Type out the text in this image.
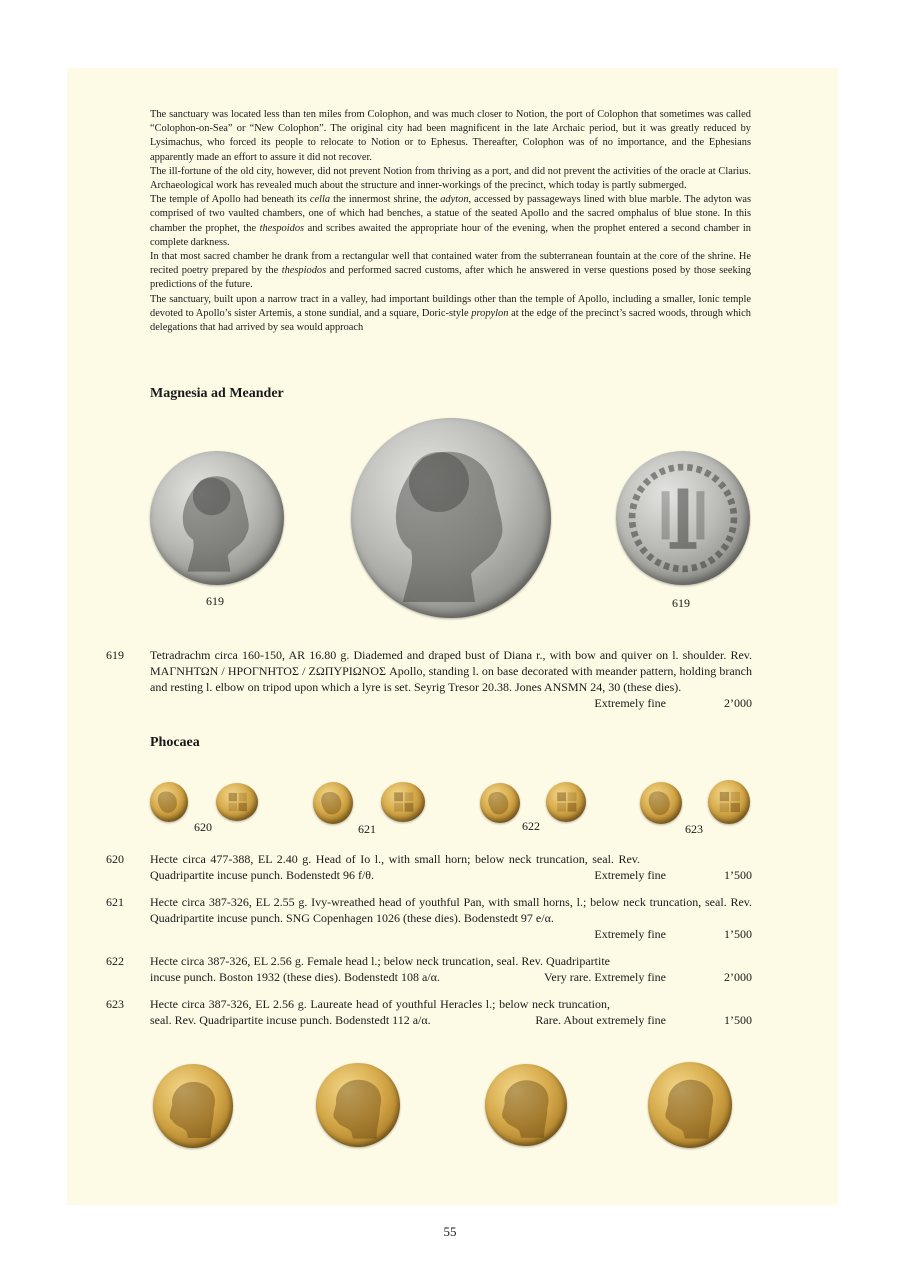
The sanctuary was located less than ten miles from Colophon, and was much closer to Notion, the port of Colophon that sometimes was called “Colophon-on-Sea” or “New Colophon”. The original city had been magnificent in the late Archaic period, but it was greatly reduced by Lysimachus, who forced its people to relocate to Notion or to Ephesus. Thereafter, Colophon was of no importance, and the Ephesians apparently made an effort to assure it did not recover.

The ill-fortune of the old city, however, did not prevent Notion from thriving as a port, and did not prevent the activities of the oracle at Clarius. Archaeological work has revealed much about the structure and inner-workings of the precinct, which today is partly submerged.

The temple of Apollo had beneath its cella the innermost shrine, the adyton, accessed by passageways lined with blue marble. The adyton was comprised of two vaulted chambers, one of which had benches, a statue of the seated Apollo and the sacred omphalus of blue stone. In this chamber the prophet, the thespoidos and scribes awaited the appropriate hour of the evening, when the prophet entered a second chamber in complete darkness.

In that most sacred chamber he drank from a rectangular well that contained water from the subterranean fountain at the core of the shrine. He recited poetry prepared by the thespiodos and performed sacred customs, after which he answered in verse questions posed by those seeking predictions of the future.

The sanctuary, built upon a narrow tract in a valley, had important buildings other than the temple of Apollo, including a smaller, Ionic temple devoted to Apollo’s sister Artemis, a stone sundial, and a square, Doric-style propylon at the edge of the precinct’s sacred woods, through which delegations that had arrived by sea would approach

Magnesia ad Meander
619	619
619 Tetradrachm circa 160-150, AR 16.80 g. Diademed and draped bust of Diana r., with bow and quiver on l. shoulder. Rev. ΜΑΓΝΗΤΩΝ / ΗΡΟΓΝΗΤΟΣ / ΖΩΠΥΡΙΩΝΟΣ Apollo, standing l. on base decorated with meander pattern, holding branch and resting l. elbow on tripod upon which a lyre is set. Seyrig Tresor 20.38. Jones ANSMN 24, 30 (these dies).
Extremely fine	2’000
Phocaea
620	621	622	623
620 Hecte circa 477-388, EL 2.40 g. Head of Io l., with small horn; below neck truncation, seal. Rev. Quadripartite incuse punch. Bodenstedt 96 f/θ.	Extremely fine	1’500
621 Hecte circa 387-326, EL 2.55 g. Ivy-wreathed head of youthful Pan, with small horns, l.; below neck truncation, seal. Rev. Quadripartite incuse punch. SNG Copenhagen 1026 (these dies). Bodenstedt 97 e/α.
Extremely fine	1’500
622 Hecte circa 387-326, EL 2.56 g. Female head l.; below neck truncation, seal. Rev. Quadripartite incuse punch. Boston 1932 (these dies). Bodenstedt 108 a/α.	Very rare. Extremely fine	2’000
623 Hecte circa 387-326, EL 2.56 g. Laureate head of youthful Heracles l.; below neck truncation, seal. Rev. Quadripartite incuse punch. Bodenstedt 112 a/α.	Rare. About extremely fine	1’500
55
